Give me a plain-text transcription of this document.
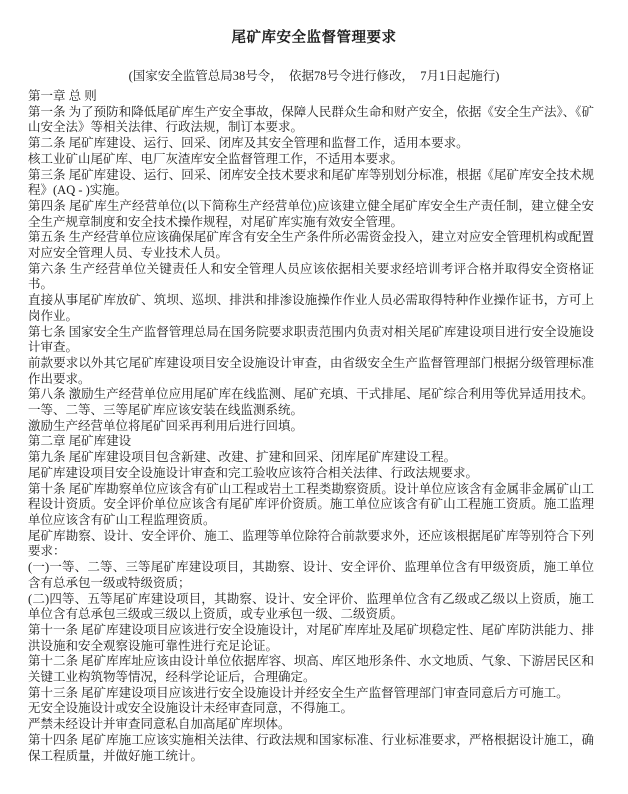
尾矿库安全监督管理要求
(国家安全监管总局38号令，  依据78号令进行修改，  7月1日起施行)

第一章 总 则

第一条 为了预防和降低尾矿库生产安全事故，保障人民群众生命和财产安全，依据《安全生产法》、《矿山安全法》等相关法律、行政法规，制订本要求。

第二条 尾矿库建设、运行、回采、闭库及其安全管理和监督工作，适用本要求。

核工业矿山尾矿库、电厂灰渣库安全监督管理工作，不适用本要求。

第三条 尾矿库建设、运行、回采、闭库安全技术要求和尾矿库等别划分标准，根据《尾矿库安全技术规程》(AQ - )实施。

第四条 尾矿库生产经营单位(以下简称生产经营单位)应该建立健全尾矿库安全生产责任制，建立健全安全生产规章制度和安全技术操作规程，对尾矿库实施有效安全管理。

第五条 生产经营单位应该确保尾矿库含有安全生产条件所必需资金投入，建立对应安全管理机构或配置对应安全管理人员、专业技术人员。

第六条 生产经营单位关键责任人和安全管理人员应该依据相关要求经培训考评合格并取得安全资格证书。

直接从事尾矿库放矿、筑坝、巡坝、排洪和排渗设施操作作业人员必需取得特种作业操作证书，方可上岗作业。

第七条 国家安全生产监督管理总局在国务院要求职责范围内负责对相关尾矿库建设项目进行安全设施设计审查。

前款要求以外其它尾矿库建设项目安全设施设计审查，由省级安全生产监督管理部门根据分级管理标准作出要求。

第八条 激励生产经营单位应用尾矿库在线监测、尾矿充填、干式排尾、尾矿综合利用等优异适用技术。

一等、二等、三等尾矿库应该安装在线监测系统。

激励生产经营单位将尾矿回采再利用后进行回填。

第二章 尾矿库建设

第九条 尾矿库建设项目包含新建、改建、扩建和回采、闭库尾矿库建设工程。

尾矿库建设项目安全设施设计审查和完工验收应该符合相关法律、行政法规要求。

第十条 尾矿库勘察单位应该含有矿山工程或岩土工程类勘察资质。设计单位应该含有金属非金属矿山工程设计资质。安全评价单位应该含有尾矿库评价资质。施工单位应该含有矿山工程施工资质。施工监理单位应该含有矿山工程监理资质。

尾矿库勘察、设计、安全评价、施工、监理等单位除符合前款要求外，还应该根据尾矿库等别符合下列要求：

(一)一等、二等、三等尾矿库建设项目，其勘察、设计、安全评价、监理单位含有甲级资质，施工单位含有总承包一级或特级资质；

(二)四等、五等尾矿库建设项目，其勘察、设计、安全评价、监理单位含有乙级或乙级以上资质，施工单位含有总承包三级或三级以上资质，或专业承包一级、二级资质。

第十一条 尾矿库建设项目应该进行安全设施设计，对尾矿库库址及尾矿坝稳定性、尾矿库防洪能力、排洪设施和安全观察设施可靠性进行充足论证。

第十二条 尾矿库库址应该由设计单位依据库容、坝高、库区地形条件、水文地质、气象、下游居民区和关键工业构筑物等情况，经科学论证后，合理确定。

第十三条 尾矿库建设项目应该进行安全设施设计并经安全生产监督管理部门审查同意后方可施工。

无安全设施设计或安全设施设计未经审查同意，不得施工。

严禁未经设计并审查同意私自加高尾矿库坝体。

第十四条 尾矿库施工应该实施相关法律、行政法规和国家标准、行业标准要求，严格根据设计施工，确保工程质量，并做好施工统计。
